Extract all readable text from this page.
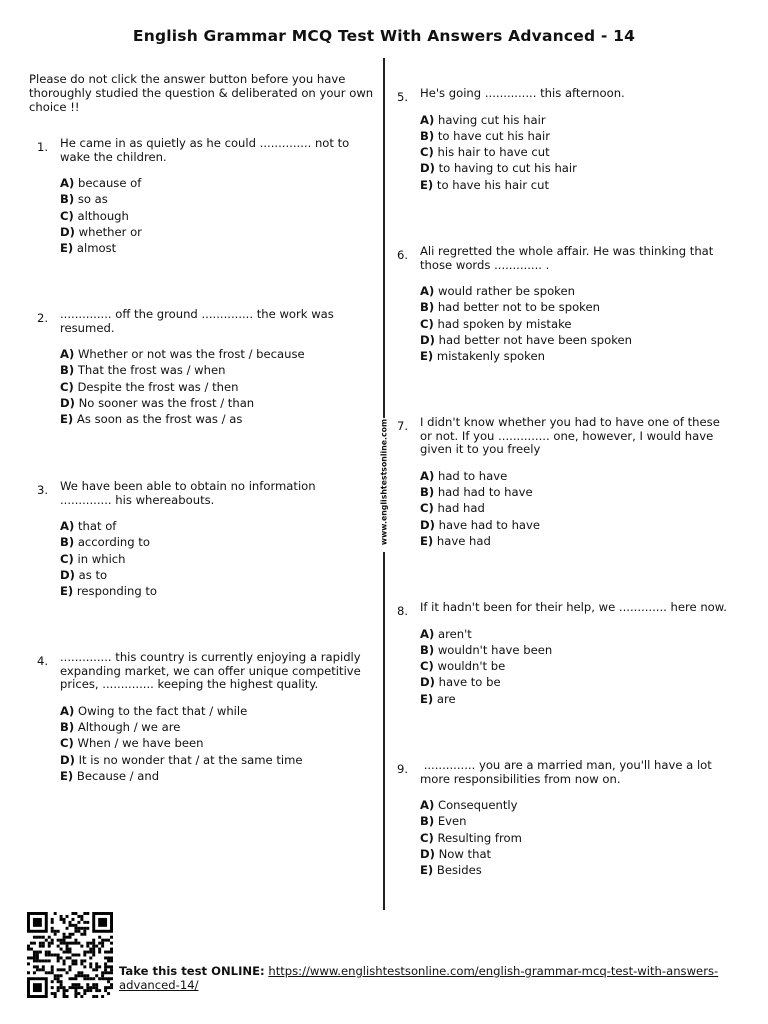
English Grammar MCQ Test With Answers Advanced - 14
Please do not click the answer button before you have thoroughly studied the question & deliberated on your own choice !!
www.englishtestsonline.com
1.	He came in as quietly as he could .............. not to wake the children.
A) because of
B) so as
C) although
D) whether or
E) almost
2.	.............. off the ground .............. the work was resumed.
A) Whether or not was the frost / because
B) That the frost was / when
C) Despite the frost was / then
D) No sooner was the frost / than
E) As soon as the frost was / as
3.	We have been able to obtain no information .............. his whereabouts.
A) that of
B) according to
C) in which
D) as to
E) responding to
4.	.............. this country is currently enjoying a rapidly expanding market, we can offer unique competitive prices, .............. keeping the highest quality.
A) Owing to the fact that / while
B) Although / we are
C) When / we have been
D) It is no wonder that / at the same time
E) Because / and
5.	He's going .............. this afternoon.
A) having cut his hair
B) to have cut his hair
C) his hair to have cut
D) to having to cut his hair
E) to have his hair cut
6.	Ali regretted the whole affair. He was thinking that those words ............. .
A) would rather be spoken
B) had better not to be spoken
C) had spoken by mistake
D) had better not have been spoken
E) mistakenly spoken
7.	I didn't know whether you had to have one of these or not. If you .............. one, however, I would have given it to you freely
A) had to have
B) had had to have
C) had had
D) have had to have
E) have had
8.	If it hadn't been for their help, we ............. here now.
A) aren't
B) wouldn't have been
C) wouldn't be
D) have to be
E) are
9.	.............. you are a married man, you'll have a lot more responsibilities from now on.
A) Consequently
B) Even
C) Resulting from
D) Now that
E) Besides
Take this test ONLINE: https://www.englishtestsonline.com/english-grammar-mcq-test-with-answers-advanced-14/
